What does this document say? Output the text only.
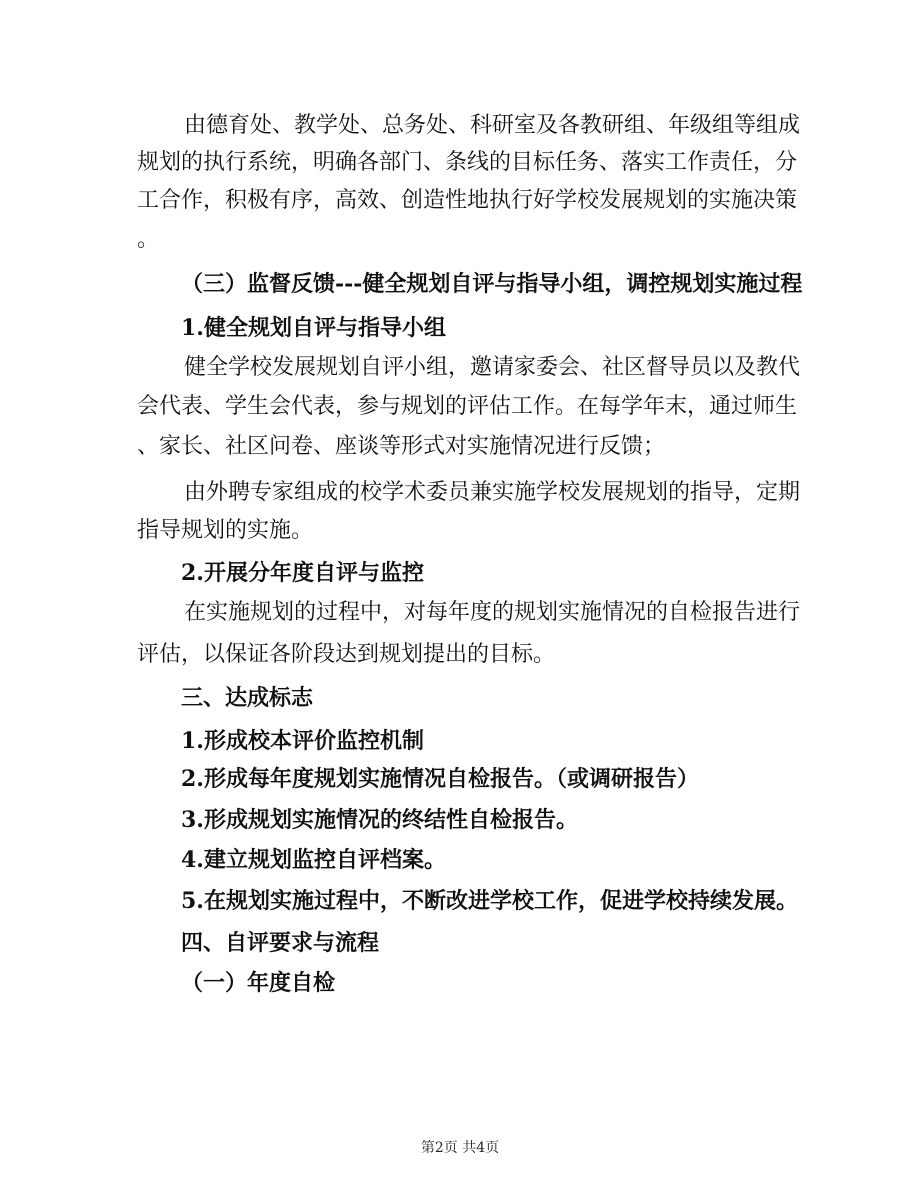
由德育处、教学处、总务处、科研室及各教研组、年级组等组成
规划的执行系统，明确各部门、条线的目标任务、落实工作责任，分
工合作，积极有序，高效、创造性地执行好学校发展规划的实施决策
。
（三）监督反馈---健全规划自评与指导小组，调控规划实施过程
1.健全规划自评与指导小组
健全学校发展规划自评小组，邀请家委会、社区督导员以及教代
会代表、学生会代表，参与规划的评估工作。在每学年末，通过师生
、家长、社区问卷、座谈等形式对实施情况进行反馈；
由外聘专家组成的校学术委员兼实施学校发展规划的指导，定期
指导规划的实施。
2.开展分年度自评与监控
在实施规划的过程中，对每年度的规划实施情况的自检报告进行
评估，以保证各阶段达到规划提出的目标。
三、达成标志
1.形成校本评价监控机制
2.形成每年度规划实施情况自检报告。（或调研报告）
3.形成规划实施情况的终结性自检报告。
4.建立规划监控自评档案。
5.在规划实施过程中，不断改进学校工作，促进学校持续发展。
四、自评要求与流程
（一）年度自检
第2页 共4页
